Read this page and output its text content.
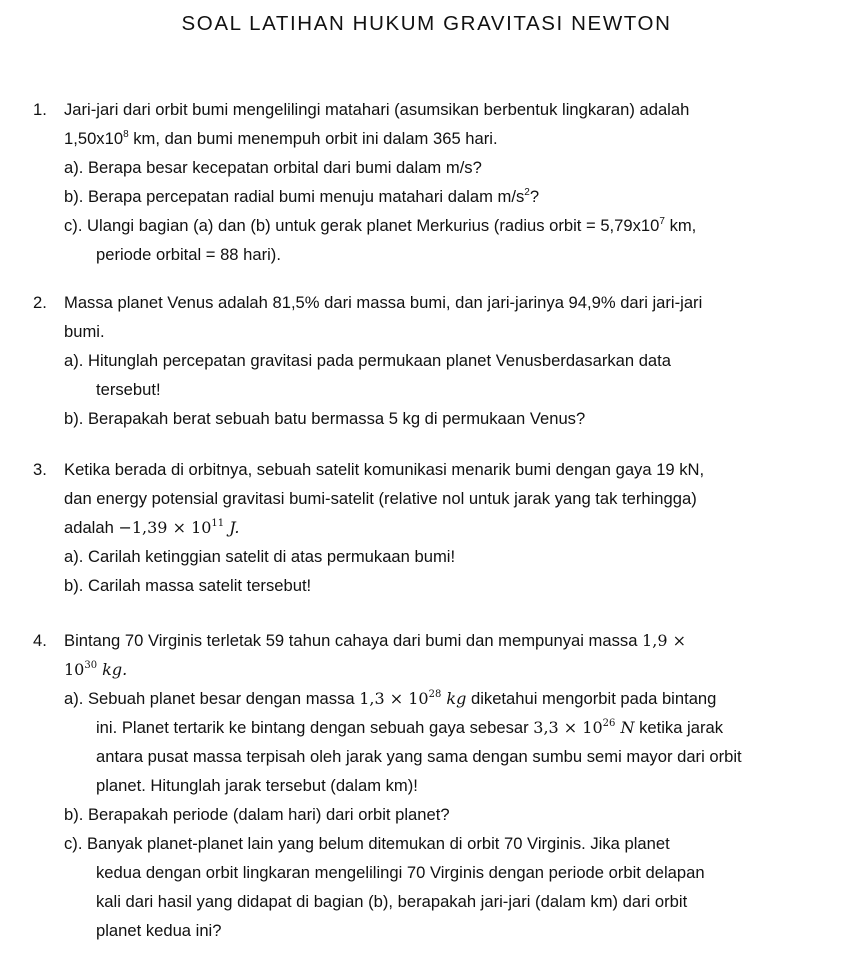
SOAL LATIHAN HUKUM GRAVITASI NEWTON
1. Jari-jari dari orbit bumi mengelilingi matahari (asumsikan berbentuk lingkaran) adalah
$1,50x10^8$ km, dan bumi menempuh orbit ini dalam 365 hari.
a). Berapa besar kecepatan orbital dari bumi dalam m/s?
b). Berapa percepatan radial bumi menuju matahari dalam $m/s^2$?
c). Ulangi bagian (a) dan (b) untuk gerak planet Merkurius (radius orbit = $5,79x10^7$ km,
periode orbital = 88 hari).
2. Massa planet Venus adalah 81,5% dari massa bumi, dan jari-jarinya 94,9% dari jari-jari
bumi.
a). Hitunglah percepatan gravitasi pada permukaan planet Venusberdasarkan data
tersebut!
b). Berapakah berat sebuah batu bermassa 5 kg di permukaan Venus?
3. Ketika berada di orbitnya, sebuah satelit komunikasi menarik bumi dengan gaya 19 kN,
dan energy potensial gravitasi bumi-satelit (relative nol untuk jarak yang tak terhingga)
adalah $-1,39 \times 10^{11}$ J.
a). Carilah ketinggian satelit di atas permukaan bumi!
b). Carilah massa satelit tersebut!
4. Bintang 70 Virginis terletak 59 tahun cahaya dari bumi dan mempunyai massa 1,9 ×
$10^{30}$ kg.
a). Sebuah planet besar dengan massa $1,3 \times 10^{28}$ kg diketahui mengorbit pada bintang
ini. Planet tertarik ke bintang dengan sebuah gaya sebesar $3,3 \times 10^{26}$ N ketika jarak
antara pusat massa terpisah oleh jarak yang sama dengan sumbu semi mayor dari orbit
planet. Hitunglah jarak tersebut (dalam km)!
b). Berapakah periode (dalam hari) dari orbit planet?
c). Banyak planet-planet lain yang belum ditemukan di orbit 70 Virginis. Jika planet
kedua dengan orbit lingkaran mengelilingi 70 Virginis dengan periode orbit delapan
kali dari hasil yang didapat di bagian (b), berapakah jari-jari (dalam km) dari orbit
planet kedua ini?
